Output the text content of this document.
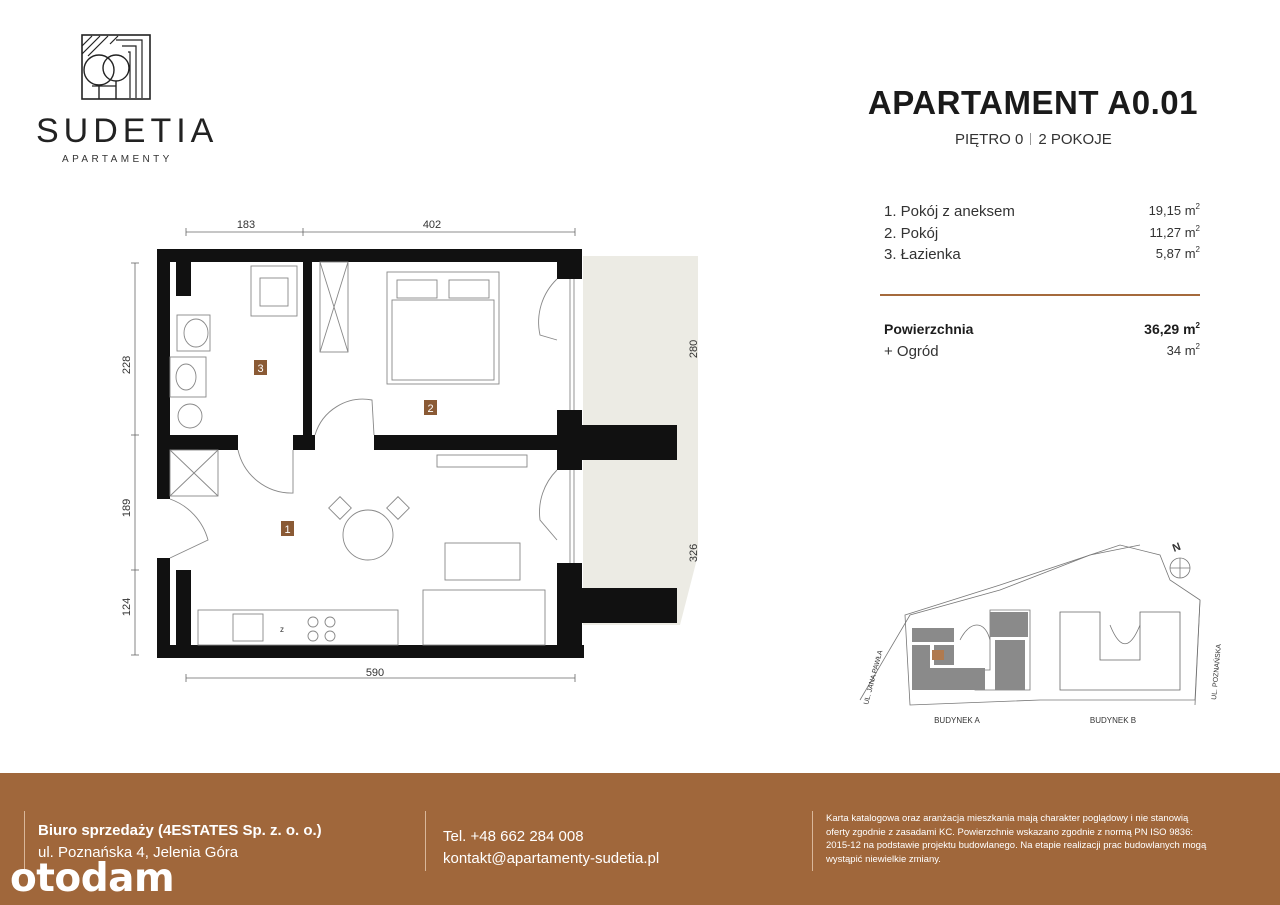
SUDETIA
APARTAMENTY
APARTAMENT A0.01
PIĘTRO 0 2 POKOJE
1. Pokój z aneksem	19,15 $m^2$
2. Pokój	11,27 $m^2$
3. Łazienka	5,87 $m^2$
Powierzchnia	36,29 $m^2$
+ Ogród	34 $m^2$
3
2
1
z
183	402
590
228
189
124
280
326	N
BUDYNEK A	BUDYNEK B
UL. JANA PAWŁA	UL. POZNAŃSKA
Biuro sprzedaży (4ESTATES Sp. z. o. o.)
ul. Poznańska 4, Jelenia Góra
Tel. +48 662 284 008
kontakt@apartamenty-sudetia.pl
Karta katalogowa oraz aranżacja mieszkania mają charakter poglądowy i nie stanowią oferty zgodnie z zasadami KC. Powierzchnie wskazano zgodnie z normą PN ISO 9836: 2015-12 na podstawie projektu budowlanego. Na etapie realizacji prac budowlanych mogą wystąpić niewielkie zmiany.
otodam
